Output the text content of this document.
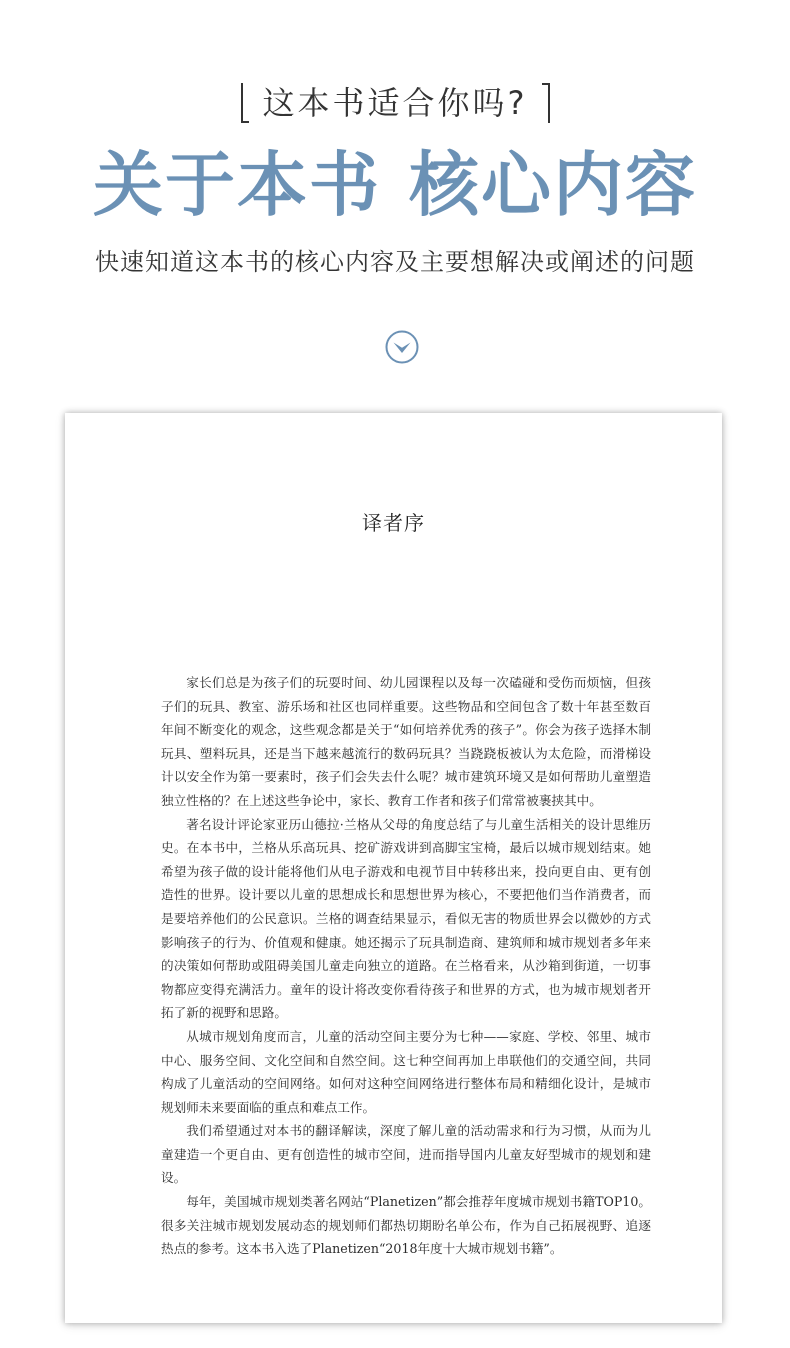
这本书适合你吗?
关于本书 核心内容
快速知道这本书的核心内容及主要想解决或阐述的问题
译者序

家长们总是为孩子们的玩耍时间、幼儿园课程以及每一次磕碰和受伤而烦恼，但孩子们的玩具、教室、游乐场和社区也同样重要。这些物品和空间包含了数十年甚至数百年间不断变化的观念，这些观念都是关于“如何培养优秀的孩子”。你会为孩子选择木制玩具、塑料玩具，还是当下越来越流行的数码玩具？当跷跷板被认为太危险，而滑梯设计以安全作为第一要素时，孩子们会失去什么呢？城市建筑环境又是如何帮助儿童塑造独立性格的？在上述这些争论中，家长、教育工作者和孩子们常常被裹挟其中。

著名设计评论家亚历山德拉·兰格从父母的角度总结了与儿童生活相关的设计思维历史。在本书中，兰格从乐高玩具、挖矿游戏讲到高脚宝宝椅，最后以城市规划结束。她希望为孩子做的设计能将他们从电子游戏和电视节目中转移出来，投向更自由、更有创造性的世界。设计要以儿童的思想成长和思想世界为核心，不要把他们当作消费者，而是要培养他们的公民意识。兰格的调查结果显示，看似无害的物质世界会以微妙的方式影响孩子的行为、价值观和健康。她还揭示了玩具制造商、建筑师和城市规划者多年来的决策如何帮助或阻碍美国儿童走向独立的道路。在兰格看来，从沙箱到街道，一切事物都应变得充满活力。童年的设计将改变你看待孩子和世界的方式，也为城市规划者开拓了新的视野和思路。

从城市规划角度而言，儿童的活动空间主要分为七种——家庭、学校、邻里、城市中心、服务空间、文化空间和自然空间。这七种空间再加上串联他们的交通空间，共同构成了儿童活动的空间网络。如何对这种空间网络进行整体布局和精细化设计，是城市规划师未来要面临的重点和难点工作。

我们希望通过对本书的翻译解读，深度了解儿童的活动需求和行为习惯，从而为儿童建造一个更自由、更有创造性的城市空间，进而指导国内儿童友好型城市的规划和建设。

每年，美国城市规划类著名网站“Planetizen”都会推荐年度城市规划书籍TOP10。很多关注城市规划发展动态的规划师们都热切期盼名单公布，作为自己拓展视野、追逐热点的参考。这本书入选了Planetizen“2018年度十大城市规划书籍”。
